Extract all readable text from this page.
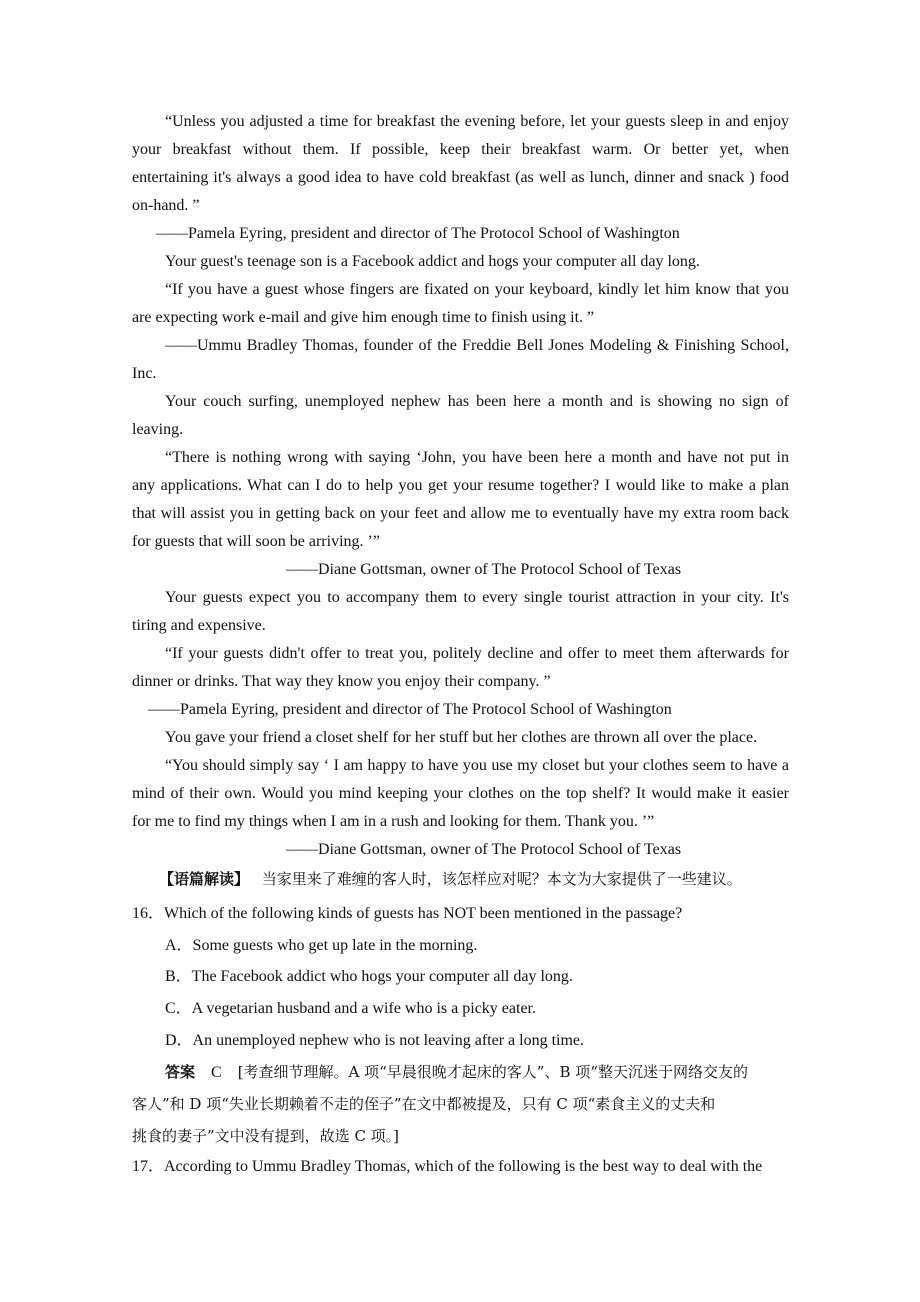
“Unless you adjusted a time for breakfast the evening before, let your guests sleep in and enjoy
your breakfast without them. If possible, keep their breakfast warm. Or better yet, when
entertaining it's always a good idea to have cold breakfast (as well as lunch, dinner and snack ) food
on-hand. ”
——Pamela Eyring, president and director of The Protocol School of Washington
Your guest's teenage son is a Facebook addict and hogs your computer all day long.
“If you have a guest whose fingers are fixated on your keyboard, kindly let him know that you
are expecting work e-mail and give him enough time to finish using it. ”
——Ummu Bradley Thomas, founder of the Freddie Bell Jones Modeling & Finishing School,
Inc.
Your couch surfing, unemployed nephew has been here a month and is showing no sign of
leaving.
“There is nothing wrong with saying ‘John, you have been here a month and have not put in
any applications. What can I do to help you get your resume together? I would like to make a plan
that will assist you in getting back on your feet and allow me to eventually have my extra room back
for guests that will soon be arriving. ’”
——Diane Gottsman, owner of The Protocol School of Texas
Your guests expect you to accompany them to every single tourist attraction in your city. It's
tiring and expensive.
“If your guests didn't offer to treat you, politely decline and offer to meet them afterwards for
dinner or drinks. That way they know you enjoy their company. ”
——Pamela Eyring, president and director of The Protocol School of Washington
You gave your friend a closet shelf for her stuff but her clothes are thrown all over the place.
“You should simply say ‘ I am happy to have you use my closet but your clothes seem to have a
mind of their own. Would you mind keeping your clothes on the top shelf? It would make it easier
for me to find my things when I am in a rush and looking for them. Thank you. ’”
——Diane Gottsman, owner of The Protocol School of Texas
【语篇解读】 当家里来了难缠的客人时，该怎样应对呢？本文为大家提供了一些建议。
16．Which of the following kinds of guests has NOT been mentioned in the passage?
A．Some guests who get up late in the morning.
B．The Facebook addict who hogs your computer all day long.
C．A vegetarian husband and a wife who is a picky eater.
D．An unemployed nephew who is not leaving after a long time.
答案 C [考查细节理解。A 项“早晨很晚才起床的客人”、B 项“整天沉迷于网络交友的
客人”和 D 项“失业长期赖着不走的侄子”在文中都被提及，只有 C 项“素食主义的丈夫和
挑食的妻子”文中没有提到，故选 C 项。]
17．According to Ummu Bradley Thomas, which of the following is the best way to deal with the
